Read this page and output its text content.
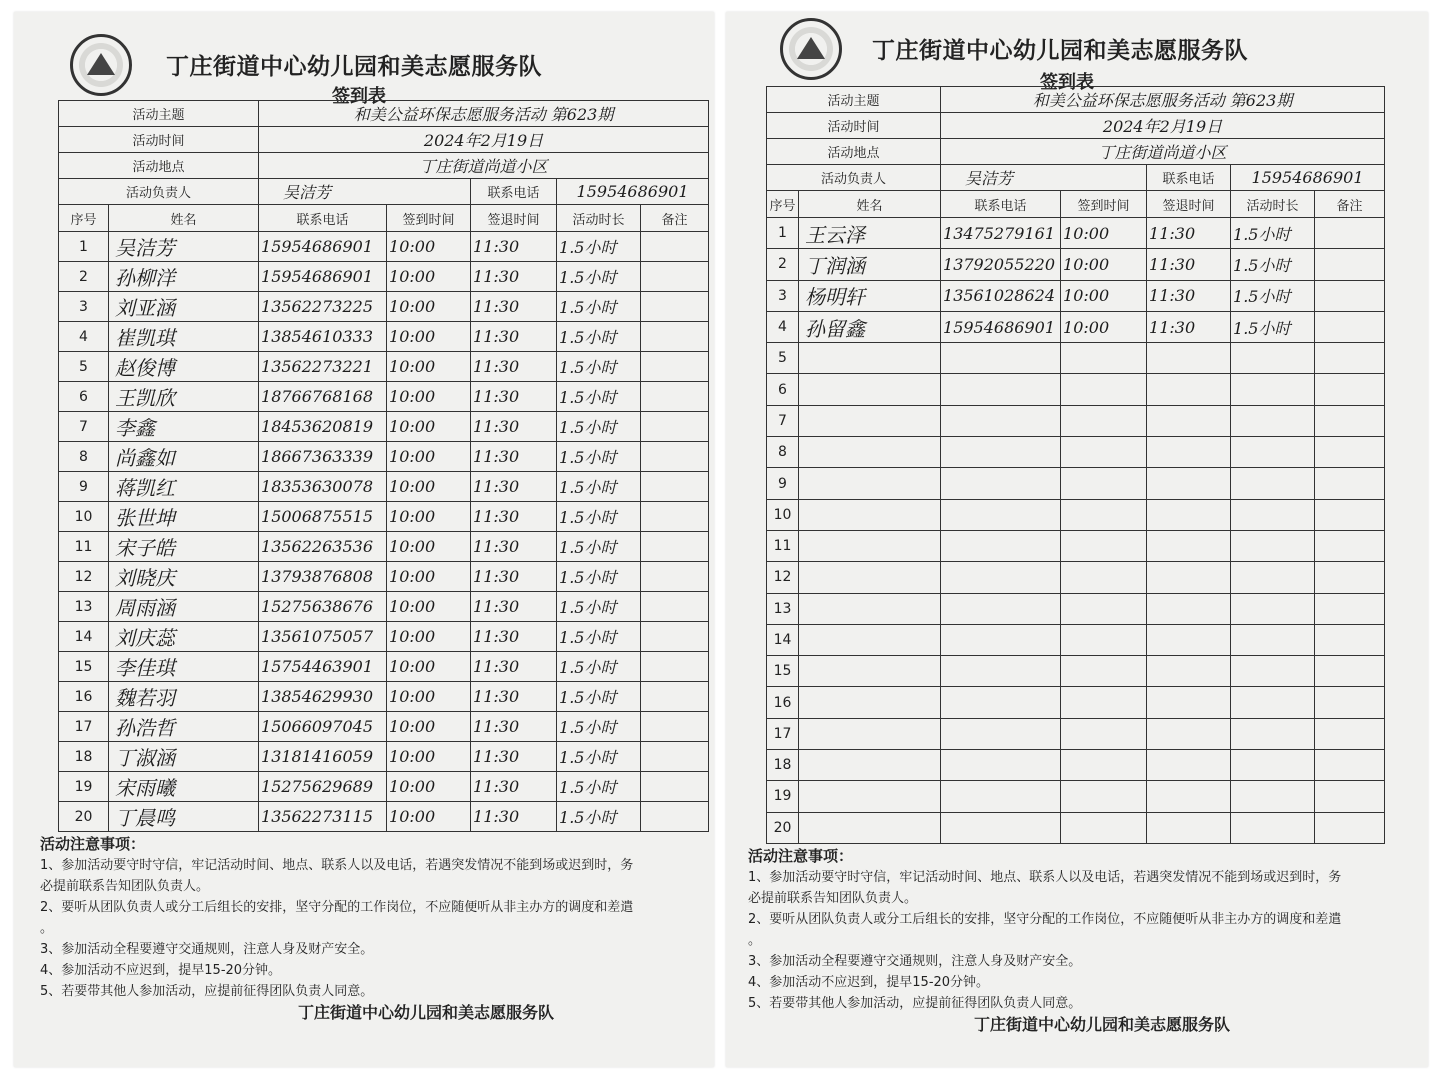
丁庄街道中心幼儿园和美志愿服务队
签到表
活动主题		和美公益环保志愿服务活动 第623期				
活动时间		2024年2月19日				
活动地点		丁庄街道尚道小区				
活动负责人		吴洁芳		联系电话	15954686901	
序号	姓名	联系电话	签到时间	签退时间	活动时长	备注
1	吴洁芳	15954686901	10:00	11:30	1.5小时	
2	孙柳洋	15954686901	10:00	11:30	1.5小时	
3	刘亚涵	13562273225	10:00	11:30	1.5小时	
4	崔凯琪	13854610333	10:00	11:30	1.5小时	
5	赵俊博	13562273221	10:00	11:30	1.5小时	
6	王凯欣	18766768168	10:00	11:30	1.5小时	
7	李鑫	18453620819	10:00	11:30	1.5小时	
8	尚鑫如	18667363339	10:00	11:30	1.5小时	
9	蒋凯红	18353630078	10:00	11:30	1.5小时	
10	张世坤	15006875515	10:00	11:30	1.5小时	
11	宋子皓	13562263536	10:00	11:30	1.5小时	
12	刘晓庆	13793876808	10:00	11:30	1.5小时	
13	周雨涵	15275638676	10:00	11:30	1.5小时	
14	刘庆蕊	13561075057	10:00	11:30	1.5小时	
15	李佳琪	15754463901	10:00	11:30	1.5小时	
16	魏若羽	13854629930	10:00	11:30	1.5小时	
17	孙浩哲	15066097045	10:00	11:30	1.5小时	
18	丁淑涵	13181416059	10:00	11:30	1.5小时	
19	宋雨曦	15275629689	10:00	11:30	1.5小时	
20	丁晨鸣	13562273115	10:00	11:30	1.5小时	
活动注意事项：
1、参加活动要守时守信，牢记活动时间、地点、联系人以及电话，若遇突发情况不能到场或迟到时，务
必提前联系告知团队负责人。
2、要听从团队负责人或分工后组长的安排，坚守分配的工作岗位，不应随便听从非主办方的调度和差遣
。
3、参加活动全程要遵守交通规则，注意人身及财产安全。
4、参加活动不应迟到，提早15-20分钟。
5、若要带其他人参加活动，应提前征得团队负责人同意。
丁庄街道中心幼儿园和美志愿服务队
丁庄街道中心幼儿园和美志愿服务队
签到表
活动主题		和美公益环保志愿服务活动 第623期				
活动时间		2024年2月19日				
活动地点		丁庄街道尚道小区				
活动负责人		吴洁芳		联系电话	15954686901	
序号	姓名	联系电话	签到时间	签退时间	活动时长	备注
1	王云泽	13475279161	10:00	11:30	1.5小时	
2	丁润涵	13792055220	10:00	11:30	1.5小时	
3	杨明轩	13561028624	10:00	11:30	1.5小时	
4	孙留鑫	15954686901	10:00	11:30	1.5小时	
5						
6						
7						
8						
9						
10						
11						
12						
13						
14						
15						
16						
17						
18						
19						
20						
活动注意事项：
1、参加活动要守时守信，牢记活动时间、地点、联系人以及电话，若遇突发情况不能到场或迟到时，务
必提前联系告知团队负责人。
2、要听从团队负责人或分工后组长的安排，坚守分配的工作岗位，不应随便听从非主办方的调度和差遣
。
3、参加活动全程要遵守交通规则，注意人身及财产安全。
4、参加活动不应迟到，提早15-20分钟。
5、若要带其他人参加活动，应提前征得团队负责人同意。
丁庄街道中心幼儿园和美志愿服务队
